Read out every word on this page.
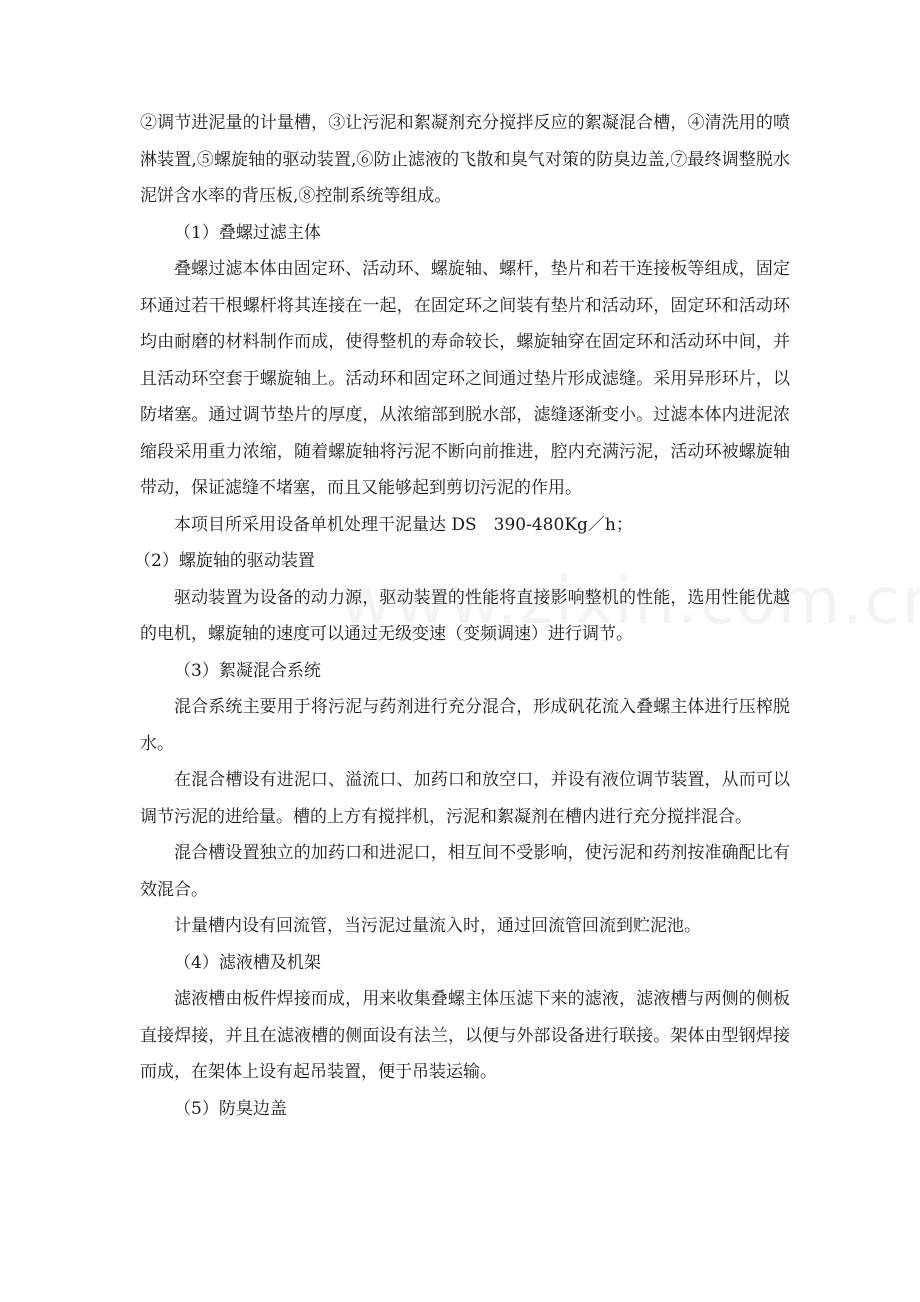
②调节进泥量的计量槽，③让污泥和絮凝剂充分搅拌反应的絮凝混合槽，④清洗用的喷淋装置,⑤螺旋轴的驱动装置,⑥防止滤液的飞散和臭气对策的防臭边盖,⑦最终调整脱水泥饼含水率的背压板,⑧控制系统等组成。

（1）叠螺过滤主体

叠螺过滤本体由固定环、活动环、螺旋轴、螺杆，垫片和若干连接板等组成，固定环通过若干根螺杆将其连接在一起，在固定环之间装有垫片和活动环，固定环和活动环均由耐磨的材料制作而成，使得整机的寿命较长，螺旋轴穿在固定环和活动环中间，并且活动环空套于螺旋轴上。活动环和固定环之间通过垫片形成滤缝。采用异形环片，以防堵塞。通过调节垫片的厚度，从浓缩部到脱水部，滤缝逐渐变小。过滤本体内进泥浓缩段采用重力浓缩，随着螺旋轴将污泥不断向前推进，腔内充满污泥，活动环被螺旋轴带动，保证滤缝不堵塞，而且又能够起到剪切污泥的作用。

本项目所采用设备单机处理干泥量达 DS　390-480Kg／h；

（2）螺旋轴的驱动装置

驱动装置为设备的动力源，驱动装置的性能将直接影响整机的性能，选用性能优越的电机，螺旋轴的速度可以通过无级变速（变频调速）进行调节。

（3）絮凝混合系统

混合系统主要用于将污泥与药剂进行充分混合，形成矾花流入叠螺主体进行压榨脱水。

在混合槽设有进泥口、溢流口、加药口和放空口，并设有液位调节装置，从而可以调节污泥的进给量。槽的上方有搅拌机，污泥和絮凝剂在槽内进行充分搅拌混合。

混合槽设置独立的加药口和进泥口，相互间不受影响，使污泥和药剂按准确配比有效混合。

计量槽内设有回流管，当污泥过量流入时，通过回流管回流到贮泥池。

（4）滤液槽及机架

滤液槽由板件焊接而成，用来收集叠螺主体压滤下来的滤液，滤液槽与两侧的侧板直接焊接，并且在滤液槽的侧面设有法兰，以便与外部设备进行联接。架体由型钢焊接而成，在架体上设有起吊装置，便于吊装运输。

（5）防臭边盖
